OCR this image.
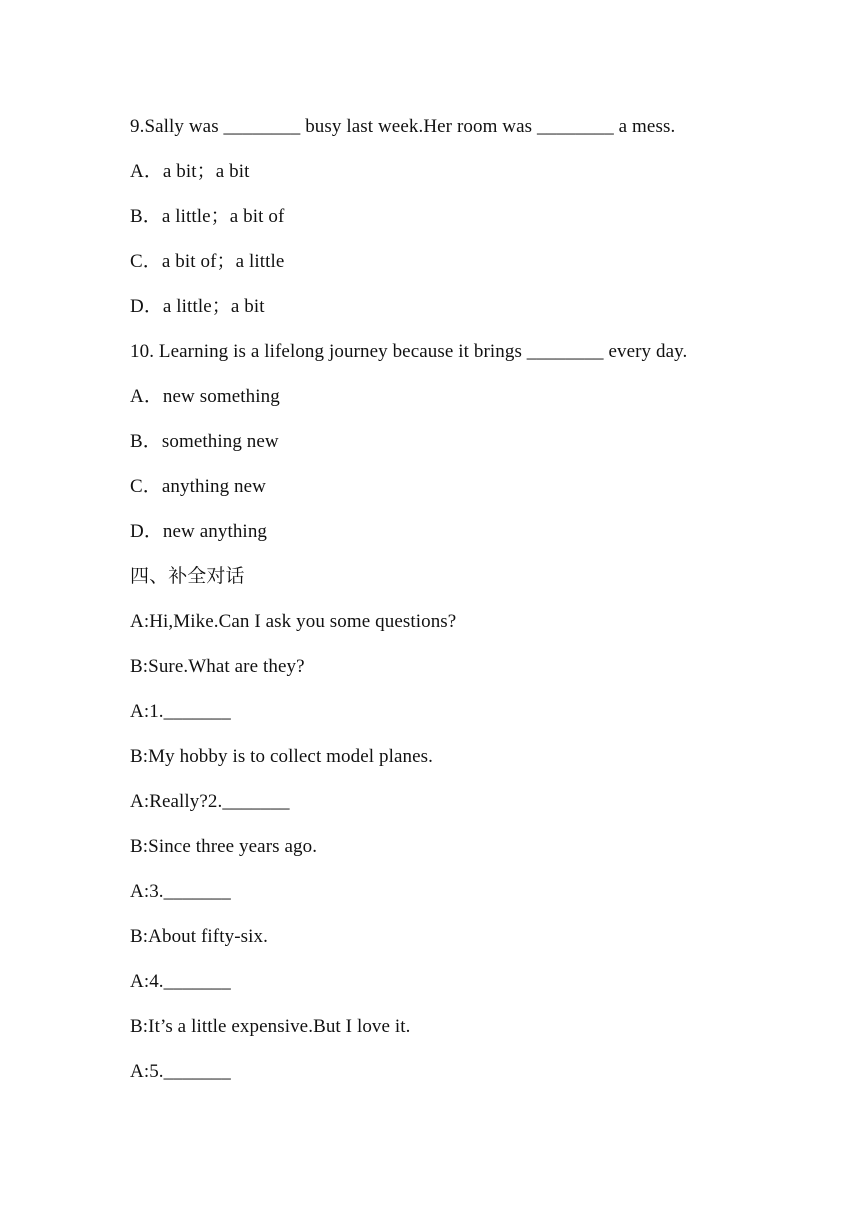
9.Sally was ________ busy last week.Her room was ________ a mess.
A．a bit；a bit
B．a little；a bit of
C．a bit of；a little
D．a little；a bit
10. Learning is a lifelong journey because it brings ________ every day.
A．new something
B．something new
C．anything new
D．new anything
四、补全对话
A:Hi,Mike.Can I ask you some questions?
B:Sure.What are they?
A:1._______
B:My hobby is to collect model planes.
A:Really?2._______
B:Since three years ago.
A:3._______
B:About fifty-six.
A:4._______
B:It’s a little expensive.But I love it.
A:5._______
